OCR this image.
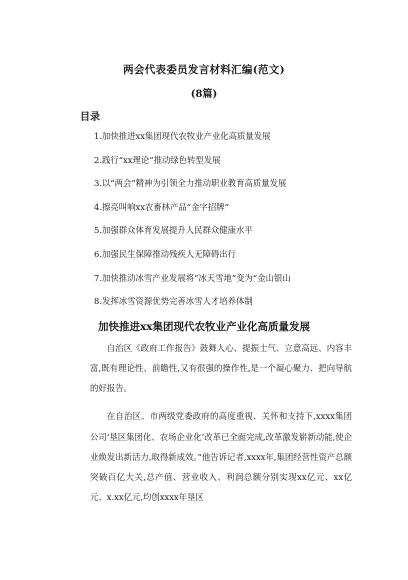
两会代表委员发言材料汇编(范文)
(8篇)
目录
1.加快推进xx集团现代农牧业产业化高质量发展
2.践行“xx理论”推动绿色转型发展
3.以“两会”精神为引领全力推动职业教育高质量发展
4.擦亮叫响xx农畜林产品“金字招牌”
5.加强群众体育发展提升人民群众健康水平
6.加强民生保障推动残疾人无障碍出行
7.加快推动冰雪产业发展将“冰天雪地”变为“金山银山
8.发挥冰雪资源优势完善冰雪人才培养体制
加快推进xx集团现代农牧业产业化高质量发展

自治区《政府工作报告》鼓舞人心、提振士气、立意高远、内容丰富,既有理论性、前瞻性,又有很强的操作性,是一个凝心聚力、把向导航的好报告。

在自治区、市两级党委政府的高度重视、关怀和支持下,xxxx集团公司‘垦区集团化、农场企业化’改革已全面完成,改革激发崭新动能,使企业焕发出新活力,取得新成效。”他告诉记者,xxxx年,集团经营性资产总额突破百亿大关,总产值、营业收入、利润总额分别实现xx亿元、xx亿元、x.xx亿元,均创xxxx年垦区
